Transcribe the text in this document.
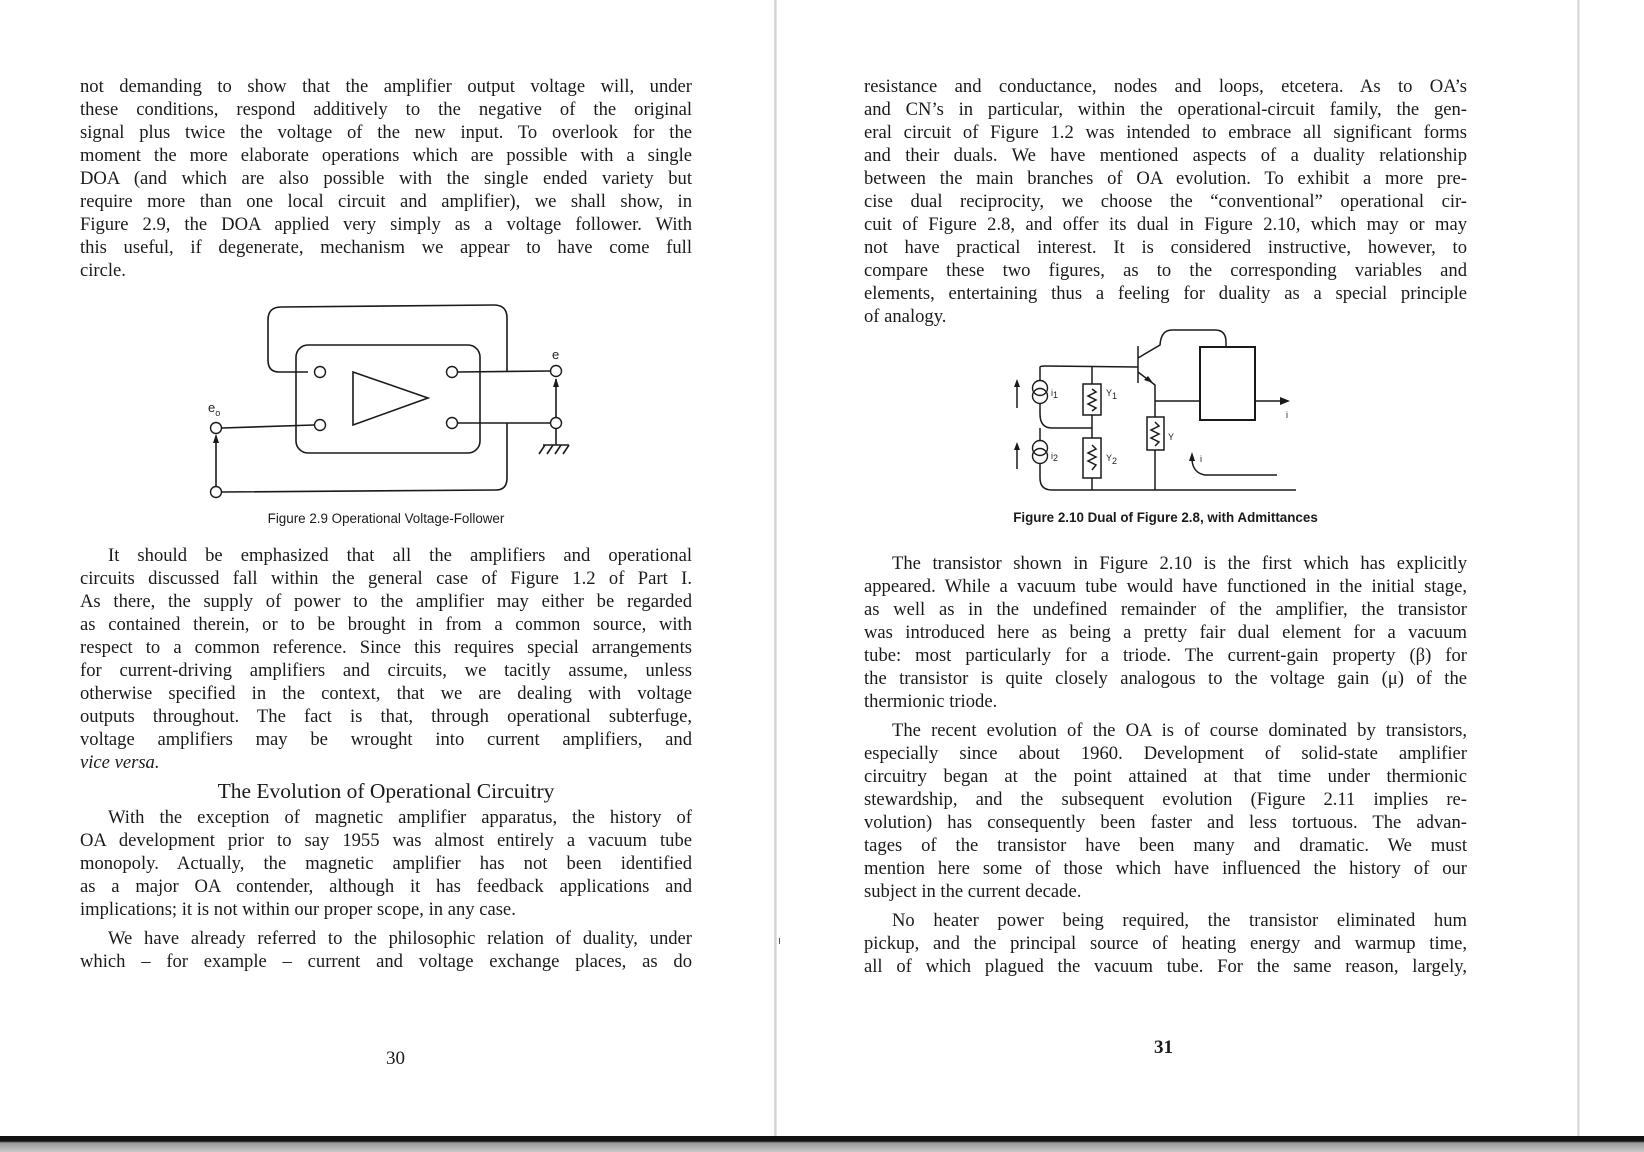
not demanding to show that the amplifier output voltage will, under
these conditions, respond additively to the negative of the original
signal plus twice the voltage of the new input. To overlook for the
moment the more elaborate operations which are possible with a single
DOA (and which are also possible with the single ended variety but
require more than one local circuit and amplifier), we shall show, in
Figure 2.9, the DOA applied very simply as a voltage follower. With
this useful, if degenerate, mechanism we appear to have come full
circle.
It should be emphasized that all the amplifiers and operational
circuits discussed fall within the general case of Figure 1.2 of Part I.
As there, the supply of power to the amplifier may either be regarded
as contained therein, or to be brought in from a common source, with
respect to a common reference. Since this requires special arrangements
for current-driving amplifiers and circuits, we tacitly assume, unless
otherwise specified in the context, that we are dealing with voltage
outputs throughout. The fact is that, through operational subterfuge,
voltage amplifiers may be wrought into current amplifiers, and
vice versa.
The Evolution of Operational Circuitry
With the exception of magnetic amplifier apparatus, the history of
OA development prior to say 1955 was almost entirely a vacuum tube
monopoly. Actually, the magnetic amplifier has not been identified
as a major OA contender, although it has feedback applications and
implications; it is not within our proper scope, in any case.
We have already referred to the philosophic relation of duality, under
which – for example – current and voltage exchange places, as do
$e_o$
e
Figure 2.9 Operational Voltage-Follower
resistance and conductance, nodes and loops, etcetera. As to OA’s
and CN’s in particular, within the operational-circuit family, the gen-
eral circuit of Figure 1.2 was intended to embrace all significant forms
and their duals. We have mentioned aspects of a duality relationship
between the main branches of OA evolution. To exhibit a more pre-
cise dual reciprocity, we choose the “conventional” operational cir-
cuit of Figure 2.8, and offer its dual in Figure 2.10, which may or may
not have practical interest. It is considered instructive, however, to
compare these two figures, as to the corresponding variables and
elements, entertaining thus a feeling for duality as a special principle
of analogy.
The transistor shown in Figure 2.10 is the first which has explicitly
appeared. While a vacuum tube would have functioned in the initial stage,
as well as in the undefined remainder of the amplifier, the transistor
was introduced here as being a pretty fair dual element for a vacuum
tube: most particularly for a triode. The current-gain property (β) for
the transistor is quite closely analogous to the voltage gain (μ) of the
thermionic triode.
The recent evolution of the OA is of course dominated by transistors,
especially since about 1960. Development of solid-state amplifier
circuitry began at the point attained at that time under thermionic
stewardship, and the subsequent evolution (Figure 2.11 implies re-
volution) has consequently been faster and less tortuous. The advan-
tages of the transistor have been many and dramatic. We must
mention here some of those which have influenced the history of our
subject in the current decade.
No heater power being required, the transistor eliminated hum
pickup, and the principal source of heating energy and warmup time,
all of which plagued the vacuum tube. For the same reason, largely,
i1
i2
Y1
Y2
Y
i
i
Figure 2.10 Dual of Figure 2.8, with Admittances
30
31
